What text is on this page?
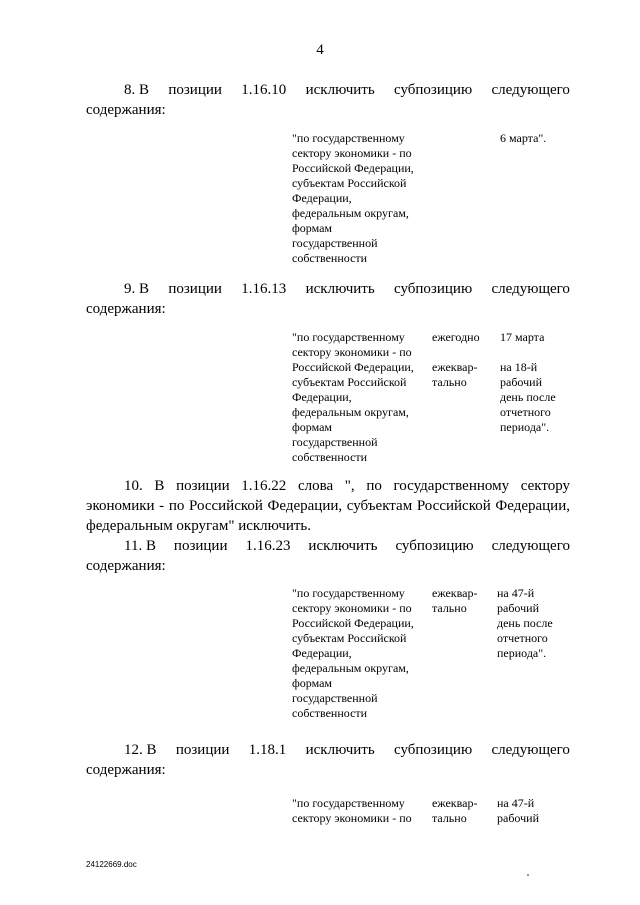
4
8. В позиции 1.16.10 исключить субпозицию следующего
содержания:
"по государственному
сектору экономики - по
Российской Федерации,
субъектам Российской
Федерации,
федеральным округам,
формам
государственной
собственности
6 марта".
9. В позиции 1.16.13 исключить субпозицию следующего
содержания:
"по государственному
сектору экономики - по
Российской Федерации,
субъектам Российской
Федерации,
федеральным округам,
формам
государственной
собственности
ежегодно
ежеквар-
тально
17 марта
на 18-й
рабочий
день после
отчетного
периода".
10. В позиции 1.16.22 слова ", по государственному сектору
экономики - по Российской Федерации, субъектам Российской Федерации,
федеральным округам" исключить.
11. В позиции 1.16.23 исключить субпозицию следующего
содержания:
"по государственному
сектору экономики - по
Российской Федерации,
субъектам Российской
Федерации,
федеральным округам,
формам
государственной
собственности
ежеквар-
тально
на 47-й
рабочий
день после
отчетного
периода".
12. В позиции 1.18.1 исключить субпозицию следующего
содержания:
"по государственному
сектору экономики - по
ежеквар-
тально
на 47-й
рабочий
24122669.doc
